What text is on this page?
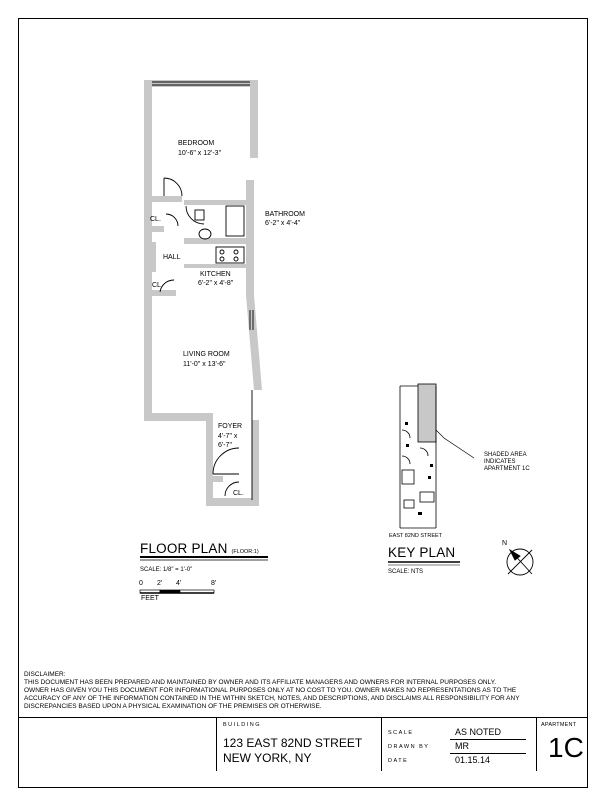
BEDROOM
10'-6" x 12'-3"
BATHROOM
6'-2" x 4'-4"
CL.
HALL
CL.
KITCHEN
6'-2" x 4'-8"
LIVING ROOM
11'-0" x 13'-6"
FOYER
4'-7" x
6'-7"
CL.
FLOOR PLAN (FLOOR:1)
SCALE: 1/8" = 1'-0"
0 2' 4'	8'
FEET
SHADED AREA
INDICATES
APARTMENT 1C
EAST 82ND STREET
KEY PLAN
SCALE: NTS
N

DISCLAIMER:

THIS DOCUMENT HAS BEEN PREPARED AND MAINTAINED BY OWNER AND ITS AFFILIATE MANAGERS AND OWNERS FOR INTERNAL PURPOSES ONLY.

OWNER HAS GIVEN YOU THIS DOCUMENT FOR INFORMATIONAL PURPOSES ONLY AT NO COST TO YOU. OWNER MAKES NO REPRESENTATIONS AS TO THE

ACCURACY OF ANY OF THE INFORMATION CONTAINED IN THE WITHIN SKETCH, NOTES, AND DESCRIPTIONS, AND DISCLAIMS ALL RESPONSIBILITY FOR ANY

DISCREPANCIES BASED UPON A PHYSICAL EXAMINATION OF THE PREMISES OR OTHERWISE.

BUILDING
123 EAST 82ND STREET
NEW YORK, NY
SCALE	AS NOTED
DRAWN BY	MR
DATE	01.15.14
APARTMENT
1C
